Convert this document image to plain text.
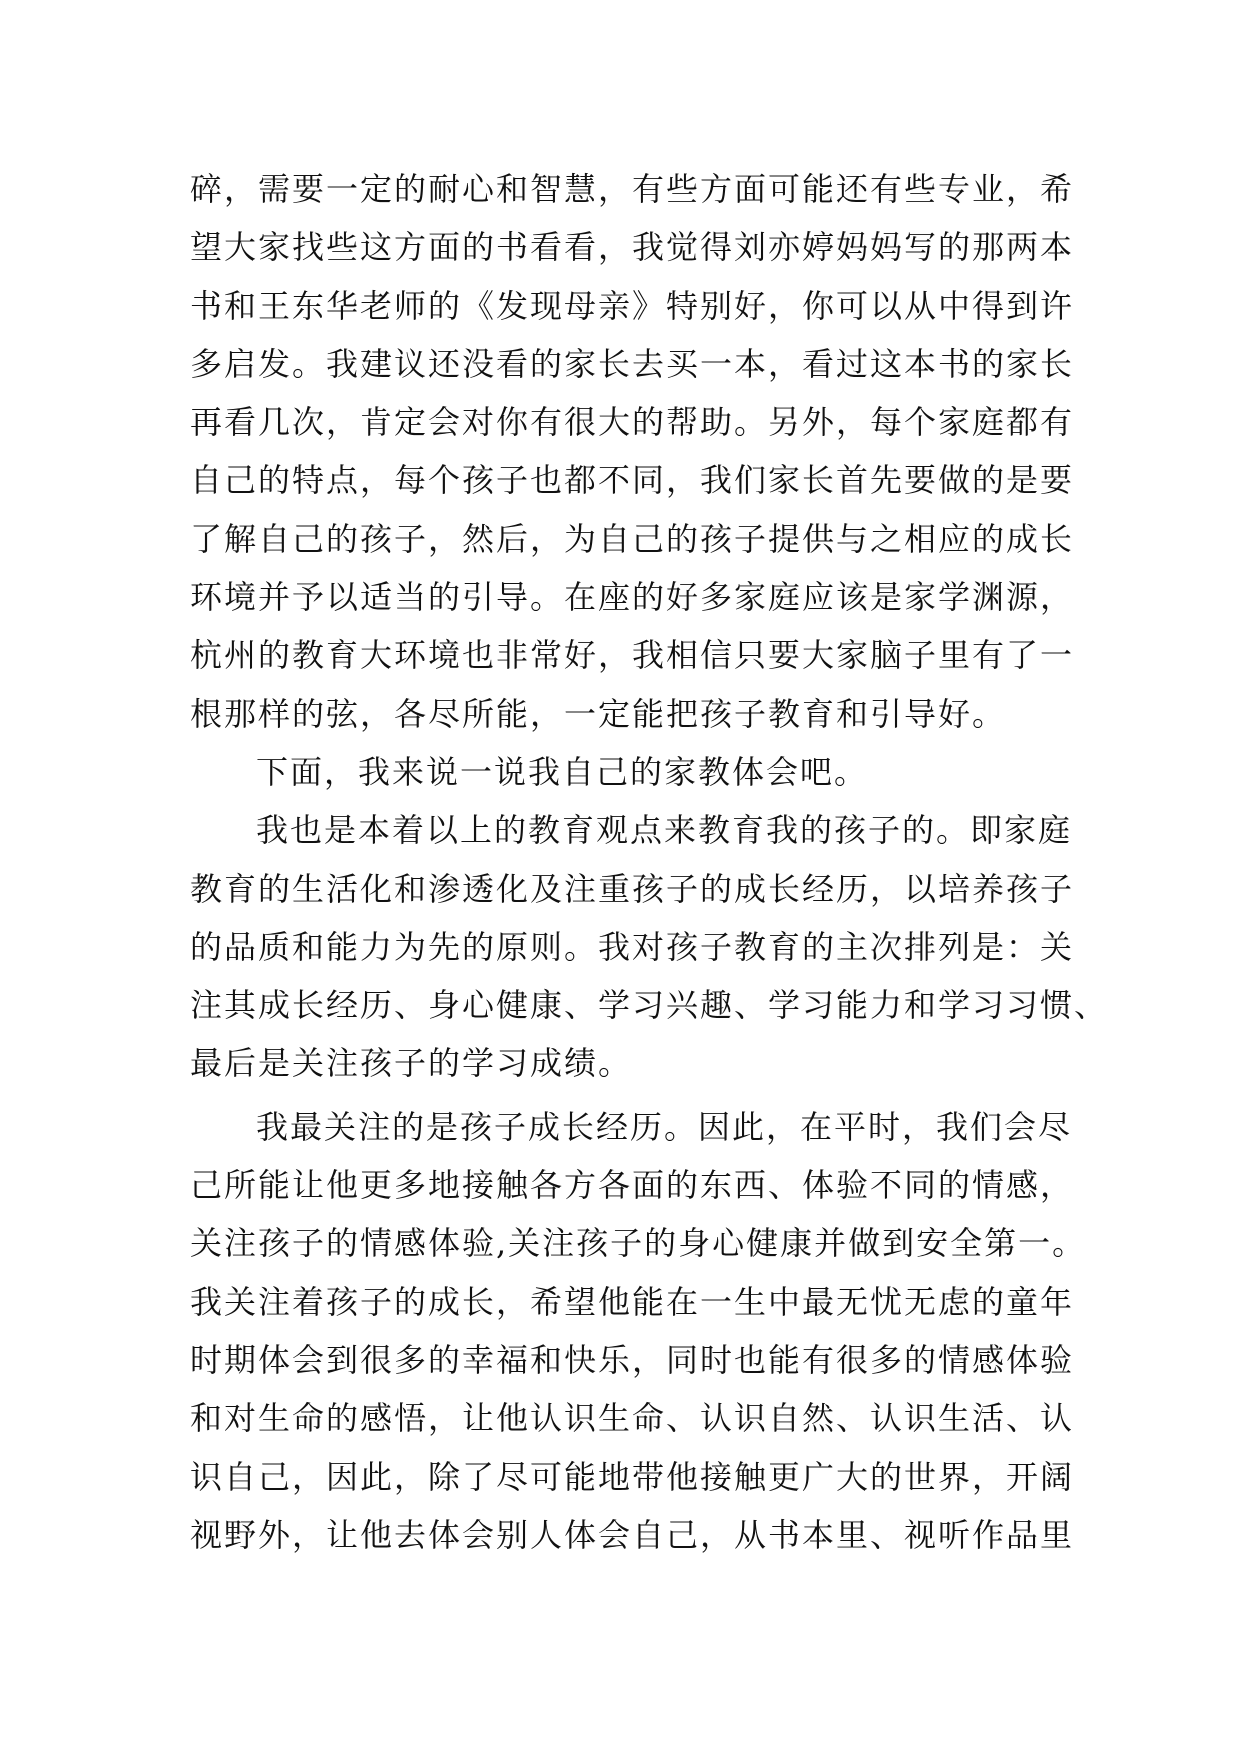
碎，需要一定的耐心和智慧，有些方面可能还有些专业，希
望大家找些这方面的书看看，我觉得刘亦婷妈妈写的那两本
书和王东华老师的《发现母亲》特别好，你可以从中得到许
多启发。我建议还没看的家长去买一本，看过这本书的家长
再看几次，肯定会对你有很大的帮助。另外，每个家庭都有
自己的特点，每个孩子也都不同，我们家长首先要做的是要
了解自己的孩子，然后，为自己的孩子提供与之相应的成长
环境并予以适当的引导。在座的好多家庭应该是家学渊源，
杭州的教育大环境也非常好，我相信只要大家脑子里有了一
根那样的弦，各尽所能，一定能把孩子教育和引导好。
下面，我来说一说我自己的家教体会吧。
我也是本着以上的教育观点来教育我的孩子的。即家庭
教育的生活化和渗透化及注重孩子的成长经历，以培养孩子
的品质和能力为先的原则。我对孩子教育的主次排列是：关
注其成长经历、身心健康、学习兴趣、学习能力和学习习惯、
最后是关注孩子的学习成绩。
我最关注的是孩子成长经历。因此，在平时，我们会尽
己所能让他更多地接触各方各面的东西、体验不同的情感，
关注孩子的情感体验,关注孩子的身心健康并做到安全第一。
我关注着孩子的成长，希望他能在一生中最无忧无虑的童年
时期体会到很多的幸福和快乐，同时也能有很多的情感体验
和对生命的感悟，让他认识生命、认识自然、认识生活、认
识自己，因此，除了尽可能地带他接触更广大的世界，开阔
视野外，让他去体会别人体会自己，从书本里、视听作品里
